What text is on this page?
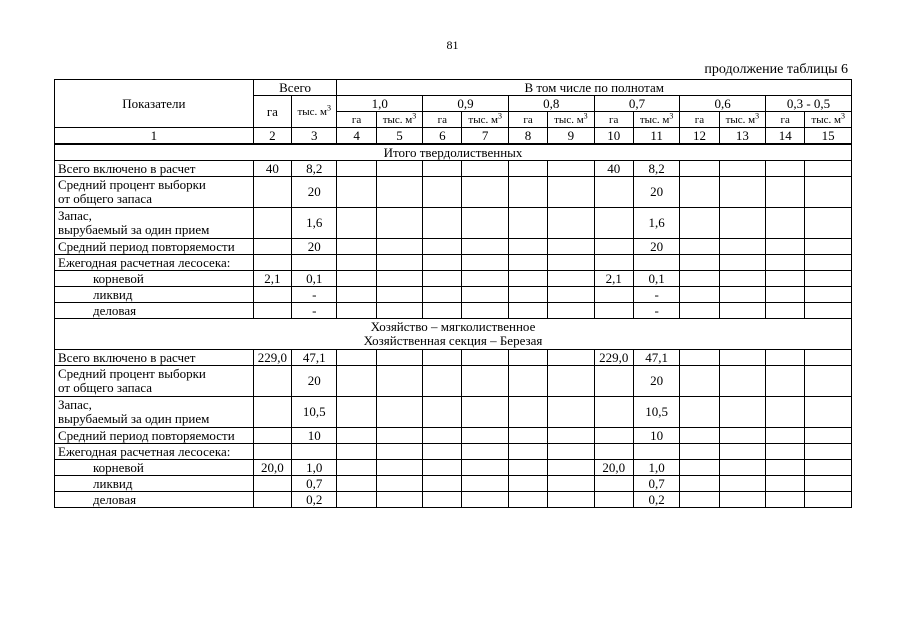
81
продолжение таблицы 6
Показатели	Всего		В том числе по полнотам											
	га	тыс. $м^3$	1,0		0,9		0,8		0,7		0,6		0,3 - 0,5	
			га	тыс. $м^3$	га	тыс. $м^3$	га	тыс. $м^3$	га	тыс. $м^3$	га	тыс. $м^3$	га	тыс. $м^3$
1	2	3	4	5	6	7	8	9	10	11	12	13	14	15
Итого твердолиственных														
Всего включено в расчет	40	8,2							40	8,2				

Средний процент выборки
от общего запаса		20								20				

Запас,
вырубаемый за один прием		1,6								1,6				
Средний период повторяемости		20								20				
Ежегодная расчетная лесосека:														
корневой	2,1	0,1							2,1	0,1				
ликвид		-								-				
деловая		-								-				

Хозяйство – мягколиственное
Хозяйственная секция – Березая														

Всего включено в расчет	229,0	47,1							229,0	47,1				

Средний процент выборки
от общего запаса		20								20				

Запас,
вырубаемый за один прием		10,5								10,5				
Средний период повторяемости		10								10				
Ежегодная расчетная лесосека:														
корневой	20,0	1,0							20,0	1,0				
ликвид		0,7								0,7				
деловая		0,2								0,2				
